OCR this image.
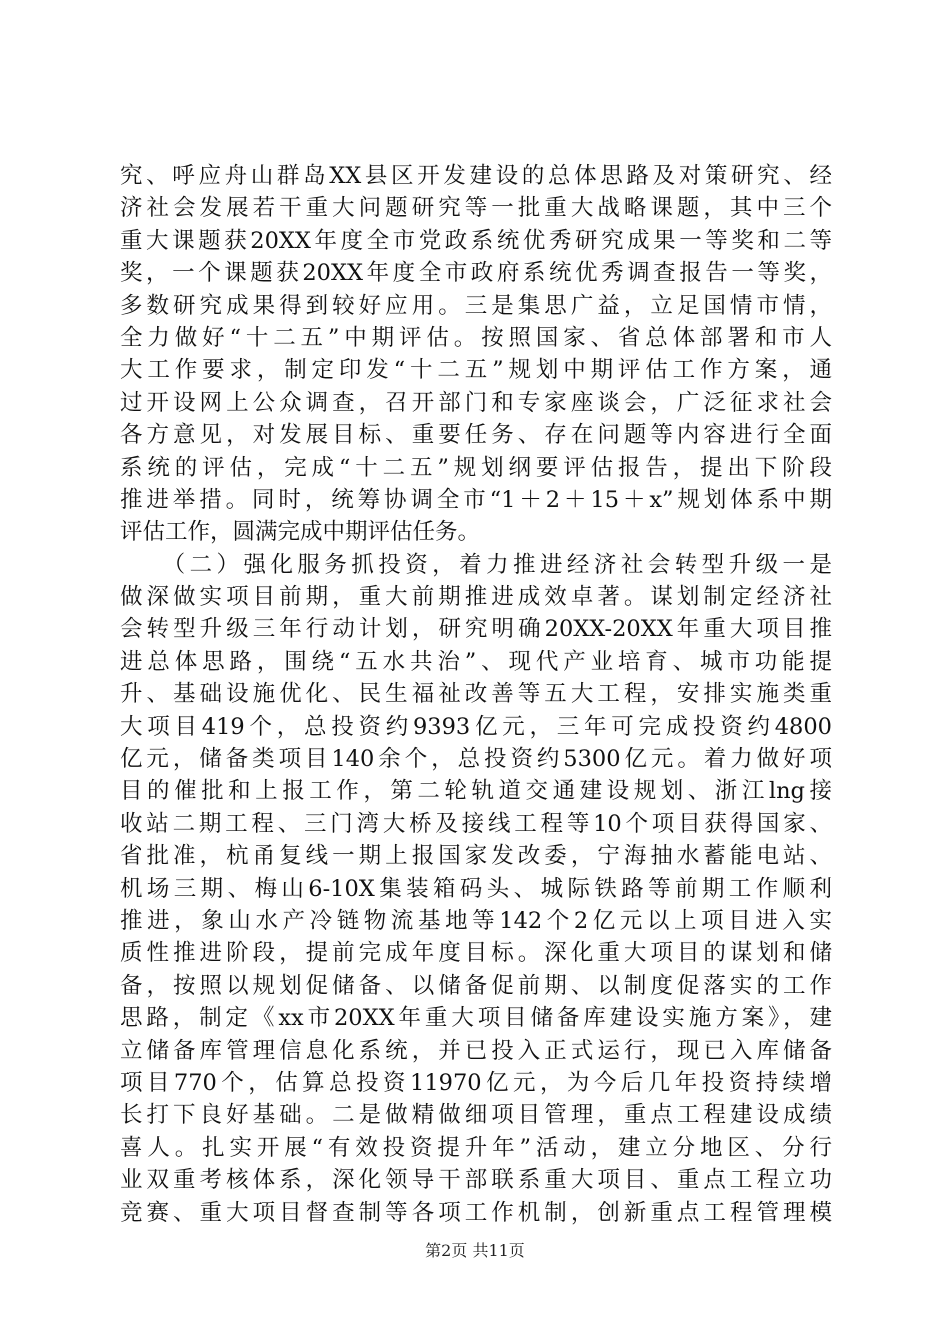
究、呼应舟山群岛XX县区开发建设的总体思路及对策研究、经
济社会发展若干重大问题研究等一批重大战略课题，其中三个
重大课题获20XX年度全市党政系统优秀研究成果一等奖和二等
奖，一个课题获20XX年度全市政府系统优秀调查报告一等奖，
多数研究成果得到较好应用。三是集思广益，立足国情市情，
全力做好“十二五”中期评估。按照国家、省总体部署和市人
大工作要求，制定印发“十二五”规划中期评估工作方案，通
过开设网上公众调查，召开部门和专家座谈会，广泛征求社会
各方意见，对发展目标、重要任务、存在问题等内容进行全面
系统的评估，完成“十二五”规划纲要评估报告，提出下阶段
推进举措。同时，统筹协调全市“1＋2＋15＋x”规划体系中期
评估工作，圆满完成中期评估任务。
　　（二）强化服务抓投资，着力推进经济社会转型升级一是
做深做实项目前期，重大前期推进成效卓著。谋划制定经济社
会转型升级三年行动计划，研究明确20XX-20XX年重大项目推
进总体思路，围绕“五水共治”、现代产业培育、城市功能提
升、基础设施优化、民生福祉改善等五大工程，安排实施类重
大项目419个，总投资约9393亿元，三年可完成投资约4800
亿元，储备类项目140余个，总投资约5300亿元。着力做好项
目的催批和上报工作，第二轮轨道交通建设规划、浙江lng接
收站二期工程、三门湾大桥及接线工程等10个项目获得国家、
省批准，杭甬复线一期上报国家发改委，宁海抽水蓄能电站、
机场三期、梅山6-10X集装箱码头、城际铁路等前期工作顺利
推进，象山水产冷链物流基地等142个2亿元以上项目进入实
质性推进阶段，提前完成年度目标。深化重大项目的谋划和储
备，按照以规划促储备、以储备促前期、以制度促落实的工作
思路，制定《xx市20XX年重大项目储备库建设实施方案》，建
立储备库管理信息化系统，并已投入正式运行，现已入库储备
项目770个，估算总投资11970亿元，为今后几年投资持续增
长打下良好基础。二是做精做细项目管理，重点工程建设成绩
喜人。扎实开展“有效投资提升年”活动，建立分地区、分行
业双重考核体系，深化领导干部联系重大项目、重点工程立功
竞赛、重大项目督查制等各项工作机制，创新重点工程管理模
第2页 共11页
